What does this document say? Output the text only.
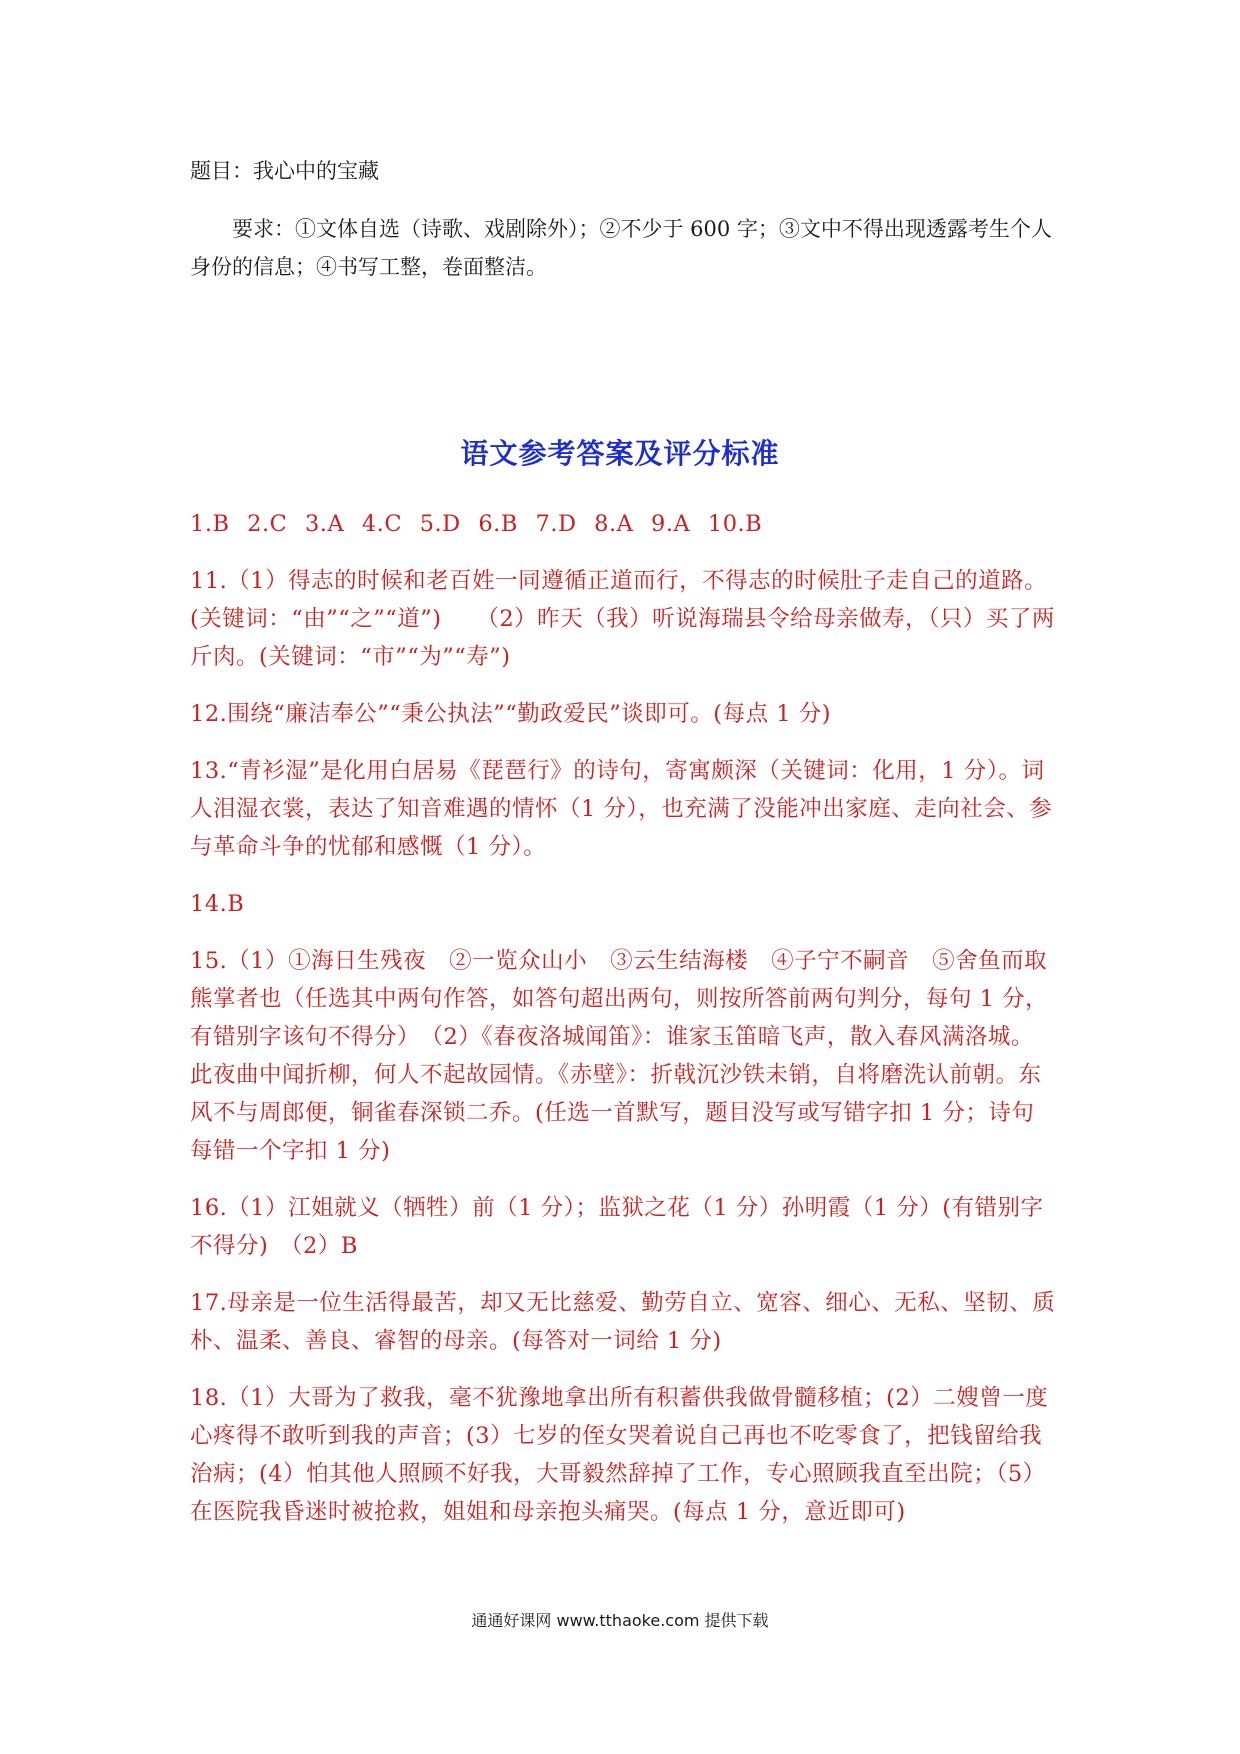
题目：我心中的宝藏
要求：①文体自选（诗歌、戏剧除外）；②不少于 600 字；③文中不得出现透露考生个人身份的信息；④书写工整，卷面整洁。
语文参考答案及评分标准

1.B 2.C 3.A 4.C 5.D 6.B 7.D 8.A 9.A 10.B

11.（1）得志的时候和老百姓一同遵循正道而行，不得志的时候肚子走自己的道路。(关键词：“由”“之”“道”)　　（2）昨天（我）听说海瑞县令给母亲做寿，（只）买了两斤肉。(关键词：“市”“为”“寿”)

12.围绕“廉洁奉公”“秉公执法”“勤政爱民”谈即可。(每点 1 分)

13.“青衫湿”是化用白居易《琵琶行》的诗句，寄寓颇深（关键词：化用，1 分）。词人泪湿衣裳，表达了知音难遇的情怀（1 分），也充满了没能冲出家庭、走向社会、参与革命斗争的忧郁和感慨（1 分）。

14.B

15.（1）①海日生残夜　②一览众山小　③云生结海楼　④子宁不嗣音　⑤舍鱼而取熊掌者也（任选其中两句作答，如答句超出两句，则按所答前两句判分，每句 1 分，有错别字该句不得分）　（2）《春夜洛城闻笛》：谁家玉笛暗飞声，散入春风满洛城。此夜曲中闻折柳，何人不起故园情。《赤壁》：折戟沉沙铁未销，自将磨洗认前朝。东风不与周郎便，铜雀春深锁二乔。(任选一首默写，题目没写或写错字扣 1 分；诗句每错一个字扣 1 分)

16.（1）江姐就义（牺牲）前（1 分）；监狱之花（1 分）孙明霞（1 分）(有错别字不得分)　（2）B

17.母亲是一位生活得最苦，却又无比慈爱、勤劳自立、宽容、细心、无私、坚韧、质朴、温柔、善良、睿智的母亲。(每答对一词给 1 分)

18.（1）大哥为了救我，毫不犹豫地拿出所有积蓄供我做骨髓移植；(2）二嫂曾一度心疼得不敢听到我的声音；(3）七岁的侄女哭着说自己再也不吃零食了，把钱留给我治病；(4）怕其他人照顾不好我，大哥毅然辞掉了工作，专心照顾我直至出院；（5）在医院我昏迷时被抢救，姐姐和母亲抱头痛哭。(每点 1 分，意近即可)

通通好课网 www.tthaoke.com 提供下载
